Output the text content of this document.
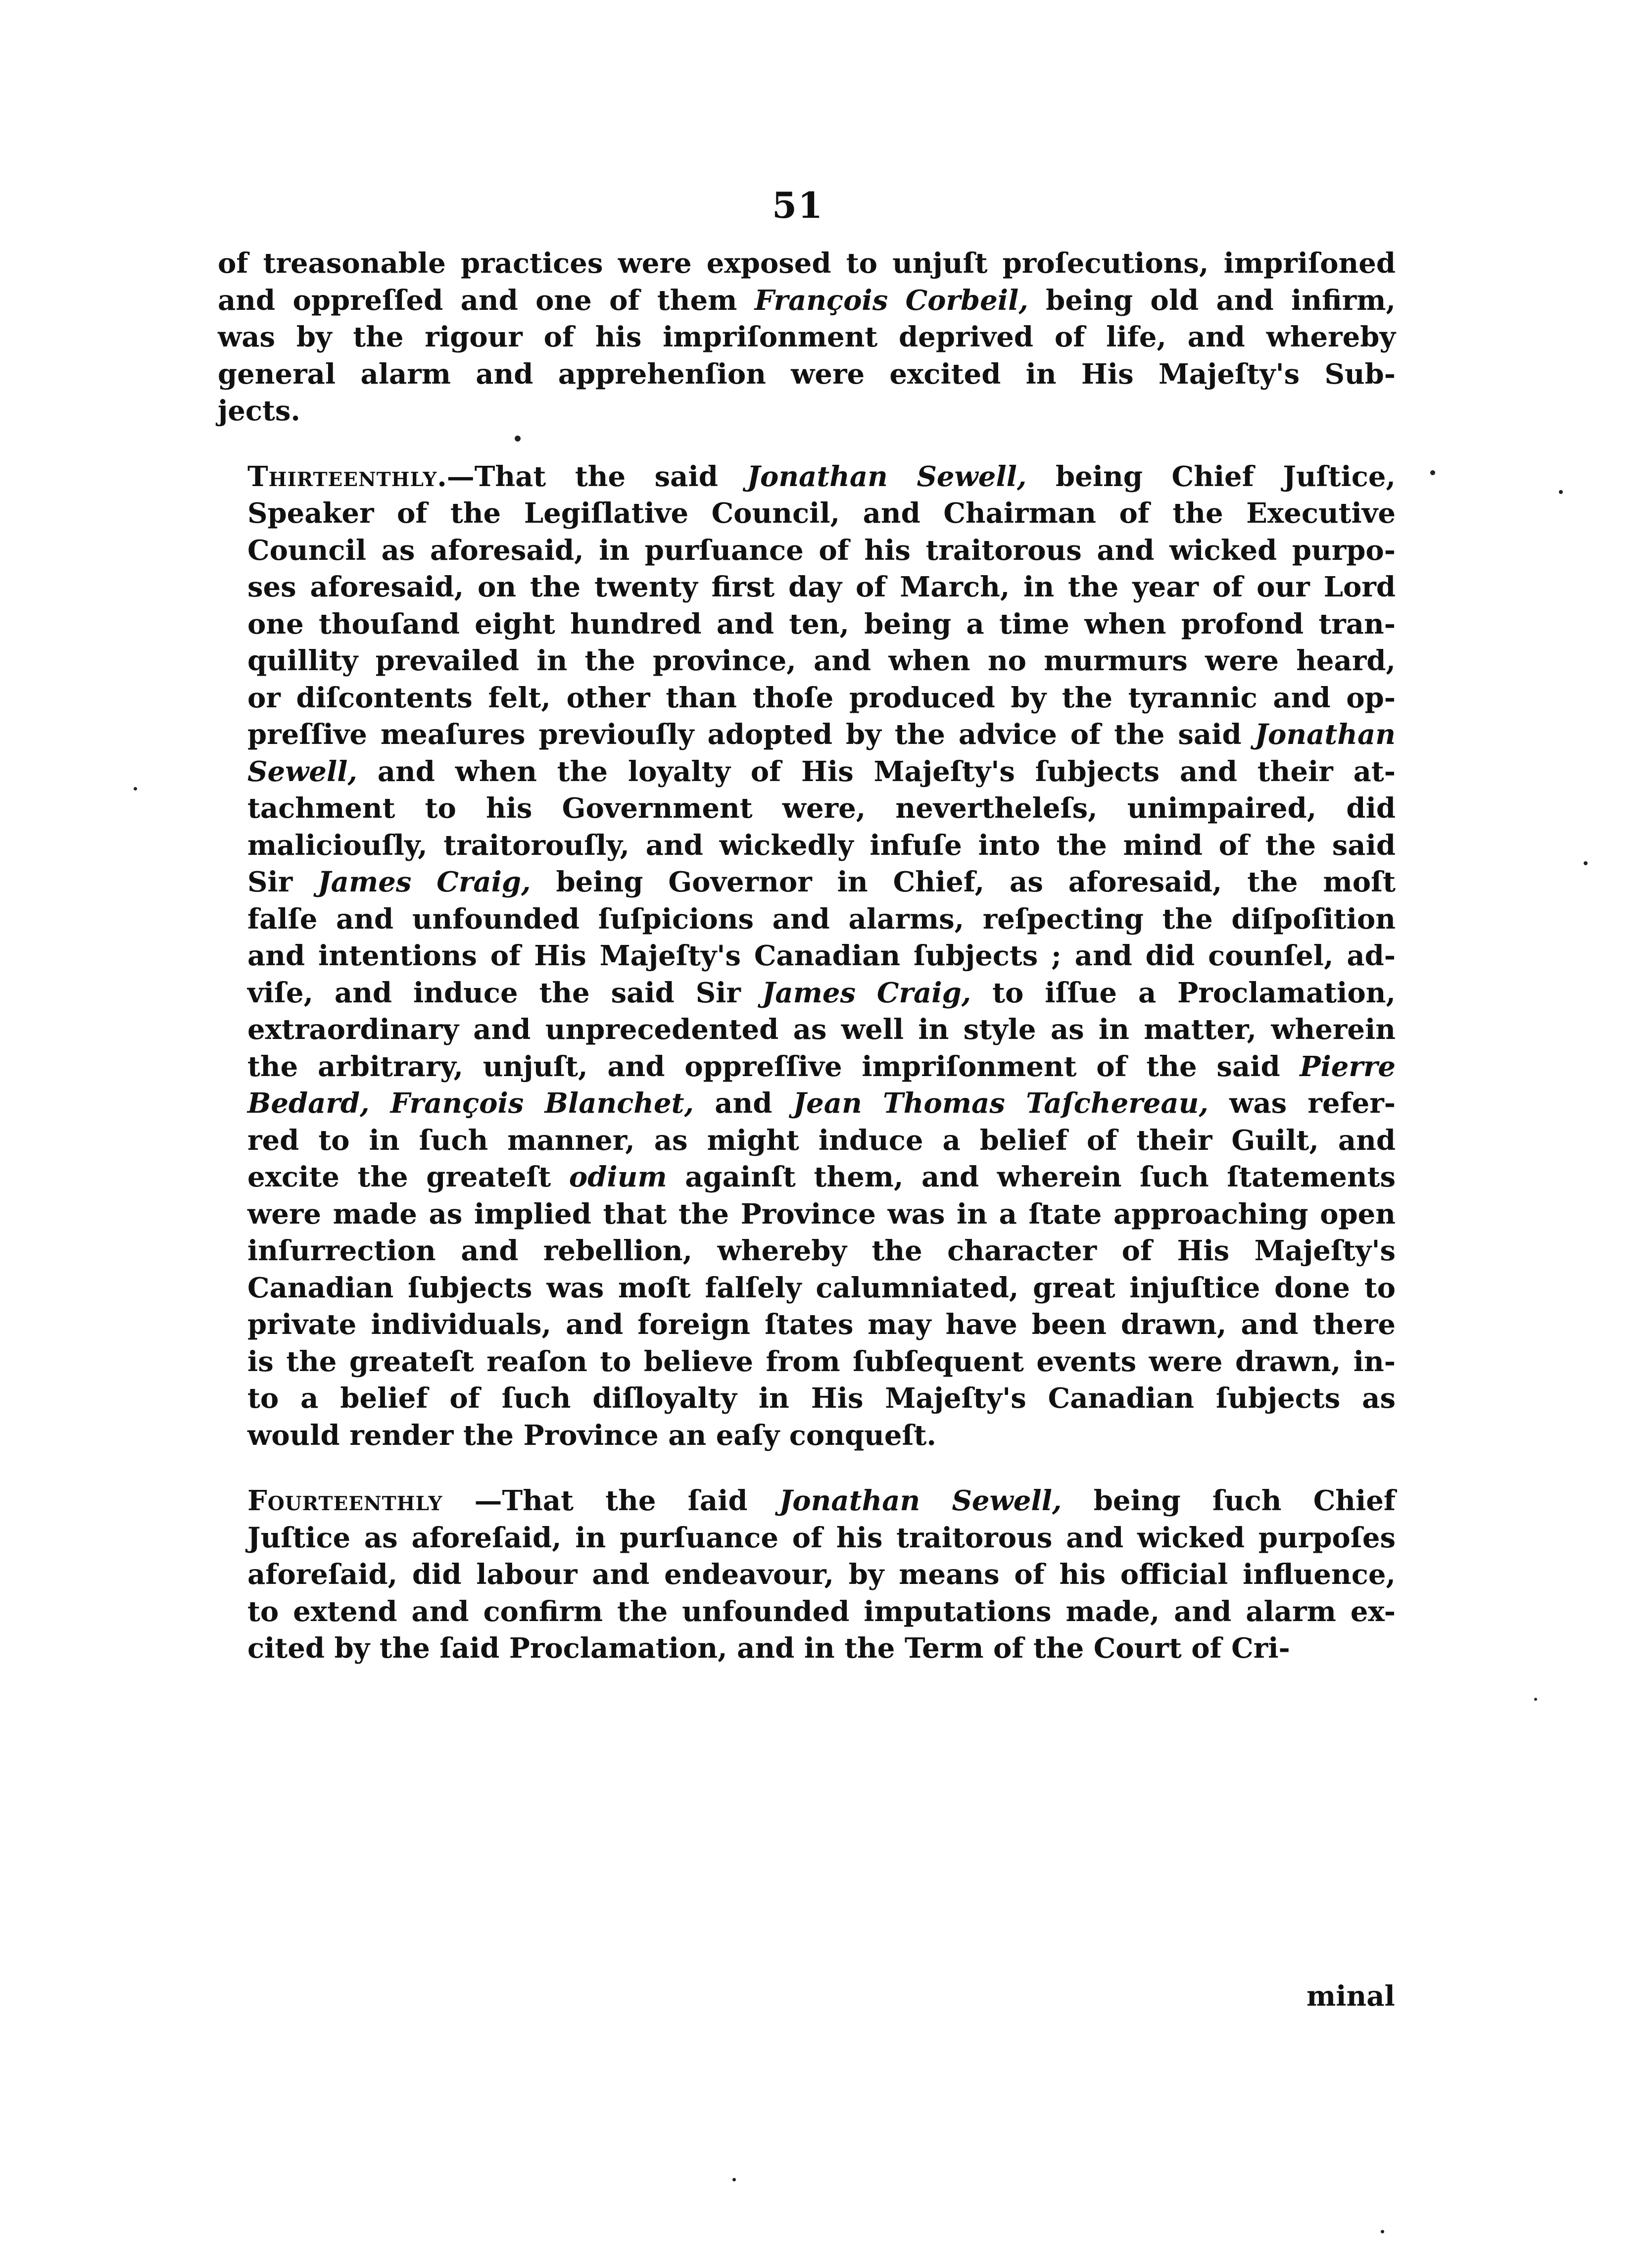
51

of treasonable practices were exposed to unjuſt proſecutions, impriſoned
and oppreſſed and one of them François Corbeil, being old and infirm,
was by the rigour of his impriſonment deprived of life, and whereby
general alarm and apprehenſion were excited in His Majeſty's Sub-
jects.

Thirteenthly.—That the said Jonathan Sewell, being Chief Juſtice,
Speaker of the Legiſlative Council, and Chairman of the Executive
Council as aforesaid, in purſuance of his traitorous and wicked purpo-
ses aforesaid, on the twenty first day of March, in the year of our Lord
one thouſand eight hundred and ten, being a time when profond tran-
quillity prevailed in the province, and when no murmurs were heard,
or diſcontents felt, other than thoſe produced by the tyrannic and op-
preſſive meaſures previouſly adopted by the advice of the said Jonathan
Sewell, and when the loyalty of His Majeſty's ſubjects and their at-
tachment to his Government were, nevertheleſs, unimpaired, did
maliciouſly, traitorouſly, and wickedly infuſe into the mind of the said
Sir James Craig, being Governor in Chief, as aforesaid, the moſt
falſe and unfounded ſuſpicions and alarms, reſpecting the diſpoſition
and intentions of His Majeſty's Canadian ſubjects ; and did counſel, ad-
viſe, and induce the said Sir James Craig, to iſſue a Proclamation,
extraordinary and unprecedented as well in style as in matter, wherein
the arbitrary, unjuſt, and oppreſſive impriſonment of the said Pierre
Bedard, François Blanchet, and Jean Thomas Taſchereau, was refer-
red to in ſuch manner, as might induce a belief of their Guilt, and
excite the greateſt odium againſt them, and wherein ſuch ſtatements
were made as implied that the Province was in a ſtate approaching open
inſurrection and rebellion, whereby the character of His Majeſty's
Canadian ſubjects was moſt falſely calumniated, great injuſtice done to
private individuals, and foreign ſtates may have been drawn, and there
is the greateſt reaſon to believe from ſubſequent events were drawn, in-
to a belief of ſuch diſloyalty in His Majeſty's Canadian ſubjects as
would render the Province an eaſy conqueſt.

Fourteenthly —That the ſaid Jonathan Sewell, being ſuch Chief
Juſtice as aforeſaid, in purſuance of his traitorous and wicked purpoſes
aforeſaid, did labour and endeavour, by means of his official influence,
to extend and confirm the unfounded imputations made, and alarm ex-
cited by the ſaid Proclamation, and in the Term of the Court of Cri-

minal
